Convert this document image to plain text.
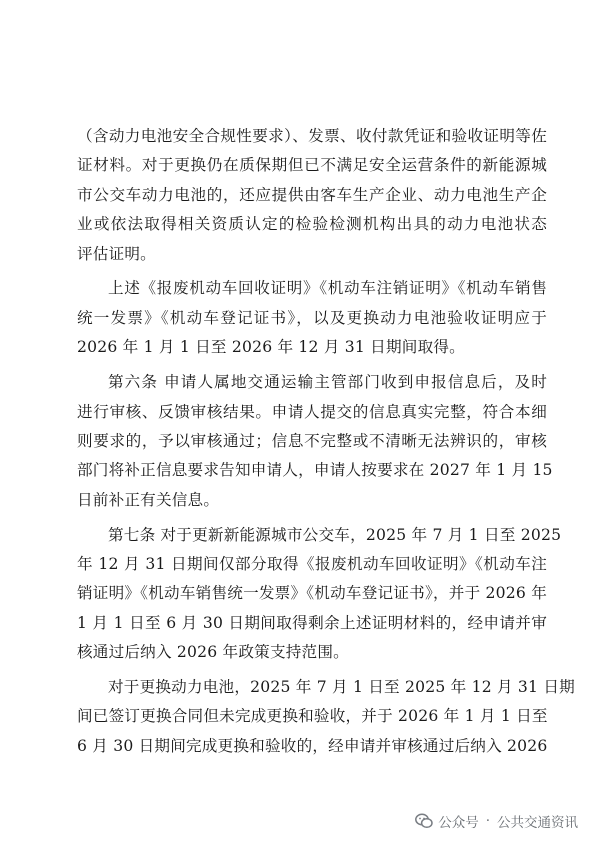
（含动力电池安全合规性要求）、发票、收付款凭证和验收证明等佐
证材料。对于更换仍在质保期但已不满足安全运营条件的新能源城
市公交车动力电池的，还应提供由客车生产企业、动力电池生产企
业或依法取得相关资质认定的检验检测机构出具的动力电池状态
评估证明。
上述《报废机动车回收证明》《机动车注销证明》《机动车销售
统一发票》《机动车登记证书》，以及更换动力电池验收证明应于
2026 年 1 月 1 日至 2026 年 12 月 31 日期间取得。
第六条 申请人属地交通运输主管部门收到申报信息后，及时
进行审核、反馈审核结果。申请人提交的信息真实完整，符合本细
则要求的，予以审核通过；信息不完整或不清晰无法辨识的，审核
部门将补正信息要求告知申请人，申请人按要求在 2027 年 1 月 15
日前补正有关信息。
第七条 对于更新新能源城市公交车，2025 年 7 月 1 日至 2025
年 12 月 31 日期间仅部分取得《报废机动车回收证明》《机动车注
销证明》《机动车销售统一发票》《机动车登记证书》，并于 2026 年
1 月 1 日至 6 月 30 日期间取得剩余上述证明材料的，经申请并审
核通过后纳入 2026 年政策支持范围。
对于更换动力电池，2025 年 7 月 1 日至 2025 年 12 月 31 日期
间已签订更换合同但未完成更换和验收，并于 2026 年 1 月 1 日至
6 月 30 日期间完成更换和验收的，经申请并审核通过后纳入 2026
公众号 · 公共交通资讯
